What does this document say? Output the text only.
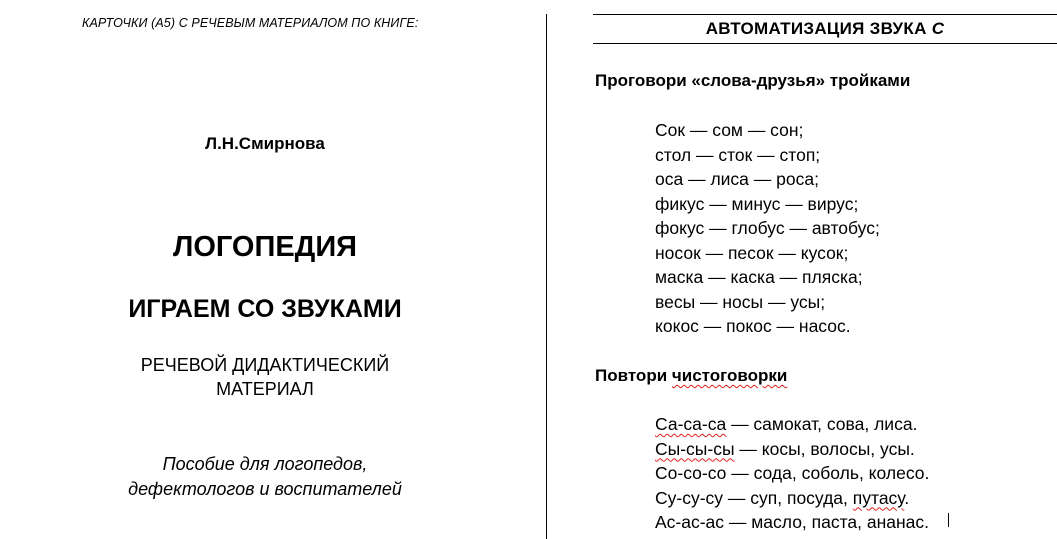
КАРТОЧКИ (А5) С РЕЧЕВЫМ МАТЕРИАЛОМ ПО КНИГЕ:
Л.Н.Смирнова
ЛОГОПЕДИЯ
ИГРАЕМ СО ЗВУКАМИ
РЕЧЕВОЙ ДИДАКТИЧЕСКИЙ
МАТЕРИАЛ
Пособие для логопедов,
дефектологов и воспитателей
АВТОМАТИЗАЦИЯ ЗВУКА С
Проговори «слова-друзья» тройками
Сок — сом — сон;
стол — сток — стоп;
оса — лиса — роса;
фикус — минус — вирус;
фокус — глобус — автобус;
носок — песок — кусок;
маска — каска — пляска;
весы — носы — усы;
кокос — покос — насос.
Повтори чистоговорки
Са-са-са — самокат, сова, лиса.
Сы-сы-сы — косы, волосы, усы.
Со-со-со — сода, соболь, колесо.
Су-су-су — суп, посуда, путасу.
Ас-ас-ас — масло, паста, ананас.
